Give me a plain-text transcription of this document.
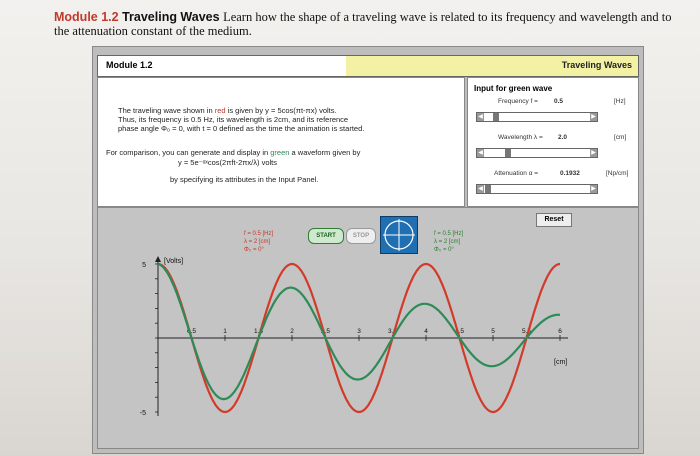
Module 1.2 Traveling Waves Learn how the shape of a traveling wave is related to its frequency and wavelength and to
the attenuation constant of the medium.
Module 1.2	Traveling Waves

The traveling wave shown in red is given by y = 5cos(πt-πx) volts.

Thus, its frequency is 0.5 Hz, its wavelength is 2cm, and its reference

phase angle Φ₀ = 0, with t = 0 defined as the time the animation is started.

For comparison, you can generate and display in green a waveform given by

y = 5e⁻ᵅˣcos(2πft-2πx/λ) volts

by specifying its attributes in the Input Panel.

Input for green wave
Frequency f = 0.5	[Hz]
◀	▶
Wavelength λ = 2.0	[cm]
◀	▶
Attenuation α =	0.1932	[Np/cm]
◀	▶
5
-5
[Volts]
0.5	1	1.5	2	2.5	3	3.5	4	4.5	5	5.5	6
[cm]
START	STOP
f = 0.5 [Hz]
λ = 2 [cm]
Φ₀ = 0°
f = 0.5 [Hz]
λ = 2 [cm]
Φ₀ = 0°
Reset
